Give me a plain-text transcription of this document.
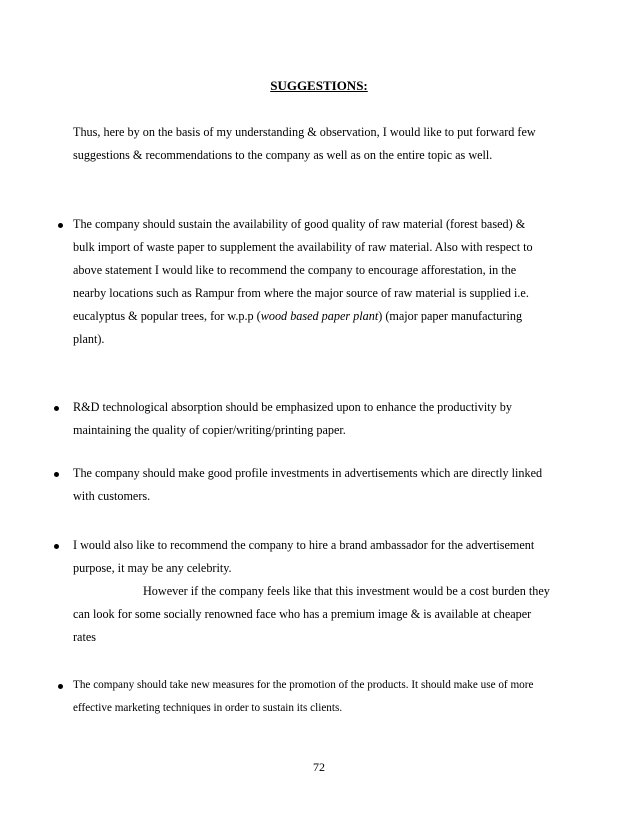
SUGGESTIONS:
Thus, here by on the basis of my understanding & observation, I would like to put forward few
suggestions & recommendations to the company as well as on the entire topic as well.
The company should sustain the availability of good quality of raw material (forest based) &
bulk import of waste paper to supplement the availability of raw material. Also with respect to
above statement I would like to recommend the company to encourage afforestation, in the
nearby locations such as Rampur from where the major source of raw material is supplied i.e.
eucalyptus & popular trees, for w.p.p (wood based paper plant) (major paper manufacturing
plant).
R&D technological absorption should be emphasized upon to enhance the productivity by
maintaining the quality of copier/writing/printing paper.
The company should make good profile investments in advertisements which are directly linked
with customers.
I would also like to recommend the company to hire a brand ambassador for the advertisement
purpose, it may be any celebrity.
However if the company feels like that this investment would be a cost burden they
can look for some socially renowned face who has a premium image & is available at cheaper
rates
The company should take new measures for the promotion of the products. It should make use of more
effective marketing techniques in order to sustain its clients.
72
